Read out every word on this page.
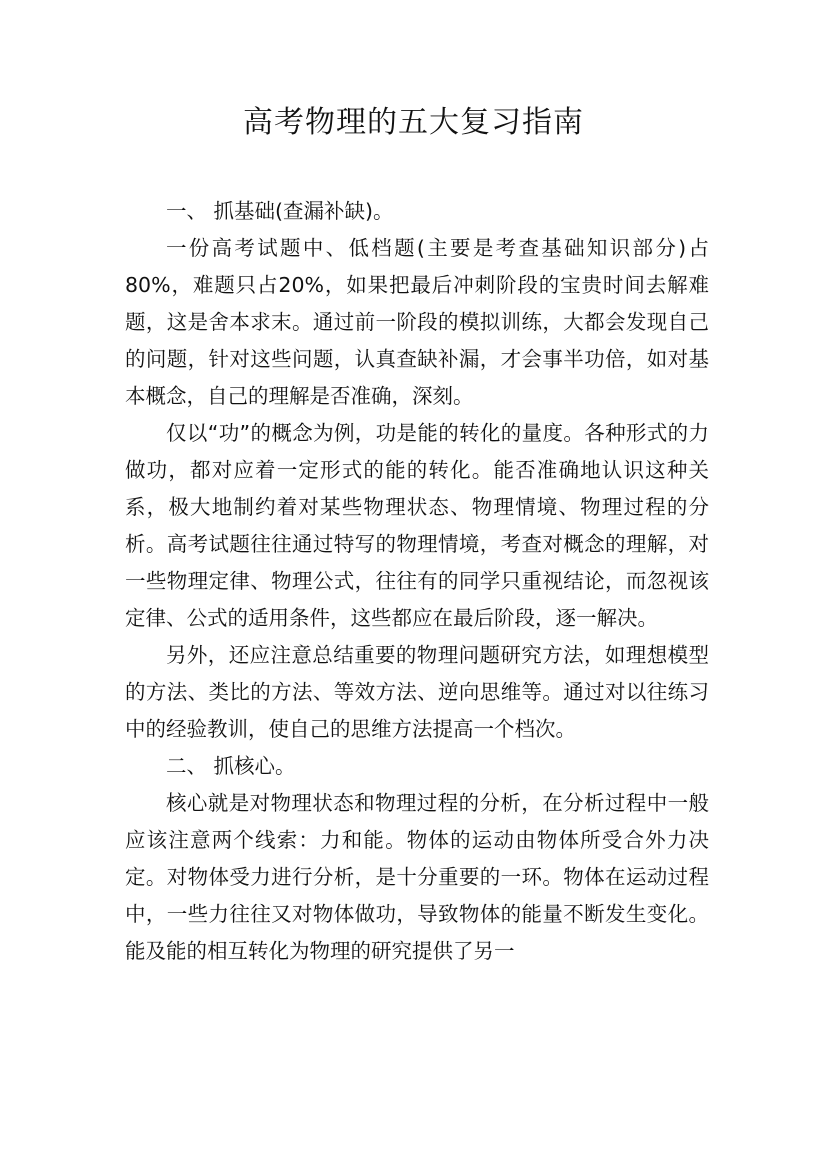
高考物理的五大复习指南

一、 抓基础(查漏补缺)。

一份高考试题中、低档题(主要是考查基础知识部分)占80%，难题只占20%，如果把最后冲刺阶段的宝贵时间去解难题，这是舍本求末。通过前一阶段的模拟训练，大都会发现自己的问题，针对这些问题，认真查缺补漏，才会事半功倍，如对基本概念，自己的理解是否准确，深刻。

仅以“功”的概念为例，功是能的转化的量度。各种形式的力做功，都对应着一定形式的能的转化。能否准确地认识这种关系，极大地制约着对某些物理状态、物理情境、物理过程的分析。高考试题往往通过特写的物理情境，考查对概念的理解，对一些物理定律、物理公式，往往有的同学只重视结论，而忽视该定律、公式的适用条件，这些都应在最后阶段，逐一解决。

另外，还应注意总结重要的物理问题研究方法，如理想模型的方法、类比的方法、等效方法、逆向思维等。通过对以往练习中的经验教训，使自己的思维方法提高一个档次。

二、 抓核心。

核心就是对物理状态和物理过程的分析，在分析过程中一般应该注意两个线索：力和能。物体的运动由物体所受合外力决定。对物体受力进行分析，是十分重要的一环。物体在运动过程中，一些力往往又对物体做功，导致物体的能量不断发生变化。能及能的相互转化为物理的研究提供了另一
